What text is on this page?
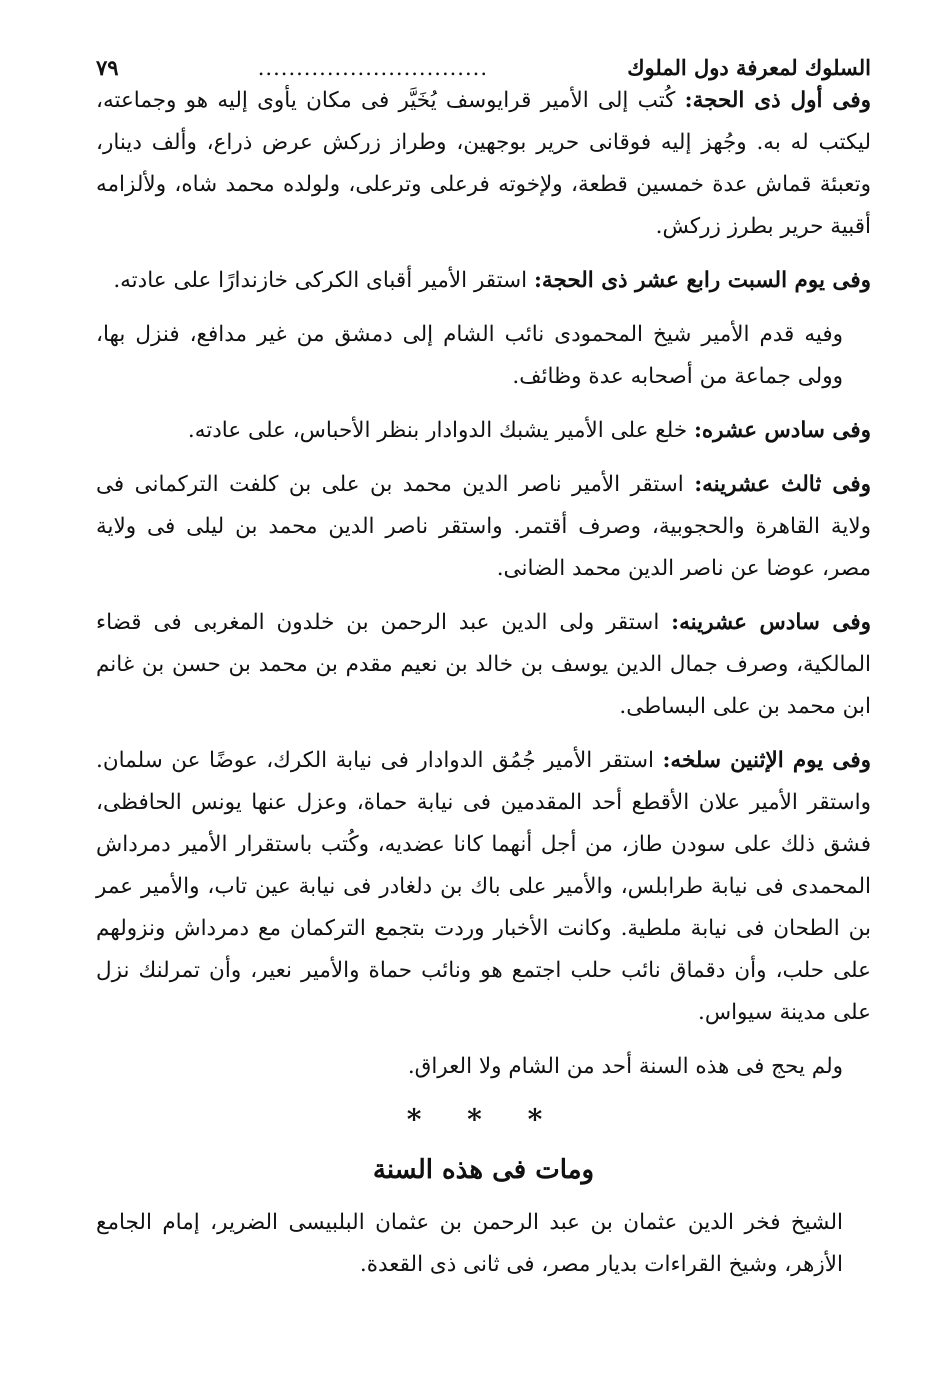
السلوك لمعرفة دول الملوك
..............................
٧٩

وفى أول ذى الحجة: كُتب إلى الأمير قرايوسف يُخَيَّر فى مكان يأوى إليه هو وجماعته، ليكتب له به. وجُهز إليه فوقانى حرير بوجهين، وطراز زركش عرض ذراع، وألف دينار، وتعبئة قماش عدة خمسين قطعة، ولإخوته فرعلى وترعلى، ولولده محمد شاه، ولألزامه أقبية حرير بطرز زركش.

وفى يوم السبت رابع عشر ذى الحجة: استقر الأمير أقباى الكركى خازندارًا على عادته.

وفيه قدم الأمير شيخ المحمودى نائب الشام إلى دمشق من غير مدافع، فنزل بها، وولى جماعة من أصحابه عدة وظائف.

وفى سادس عشره: خلع على الأمير يشبك الدوادار بنظر الأحباس، على عادته.

وفى ثالث عشرينه: استقر الأمير ناصر الدين محمد بن على بن كلفت التركمانى فى ولاية القاهرة والحجوبية، وصرف أقتمر. واستقر ناصر الدين محمد بن ليلى فى ولاية مصر، عوضا عن ناصر الدين محمد الضانى.

وفى سادس عشرينه: استقر ولى الدين عبد الرحمن بن خلدون المغربى فى قضاء المالكية، وصرف جمال الدين يوسف بن خالد بن نعيم مقدم بن محمد بن حسن بن غانم ابن محمد بن على البساطى.

وفى يوم الإثنين سلخه: استقر الأمير جُمُق الدوادار فى نيابة الكرك، عوضًا عن سلمان. واستقر الأمير علان الأقطع أحد المقدمين فى نيابة حماة، وعزل عنها يونس الحافظى، فشق ذلك على سودن طاز، من أجل أنهما كانا عضديه، وكُتب باستقرار الأمير دمرداش المحمدى فى نيابة طرابلس، والأمير على باك بن دلغادر فى نيابة عين تاب، والأمير عمر بن الطحان فى نيابة ملطية. وكانت الأخبار وردت بتجمع التركمان مع دمرداش ونزولهم على حلب، وأن دقماق نائب حلب اجتمع هو ونائب حماة والأمير نعير، وأن تمرلنك نزل على مدينة سيواس.

ولم يحج فى هذه السنة أحد من الشام ولا العراق.

* * *
ومات فى هذه السنة

الشيخ فخر الدين عثمان بن عبد الرحمن بن عثمان البلبيسى الضرير، إمام الجامع الأزهر، وشيخ القراءات بديار مصر، فى ثانى ذى القعدة.
